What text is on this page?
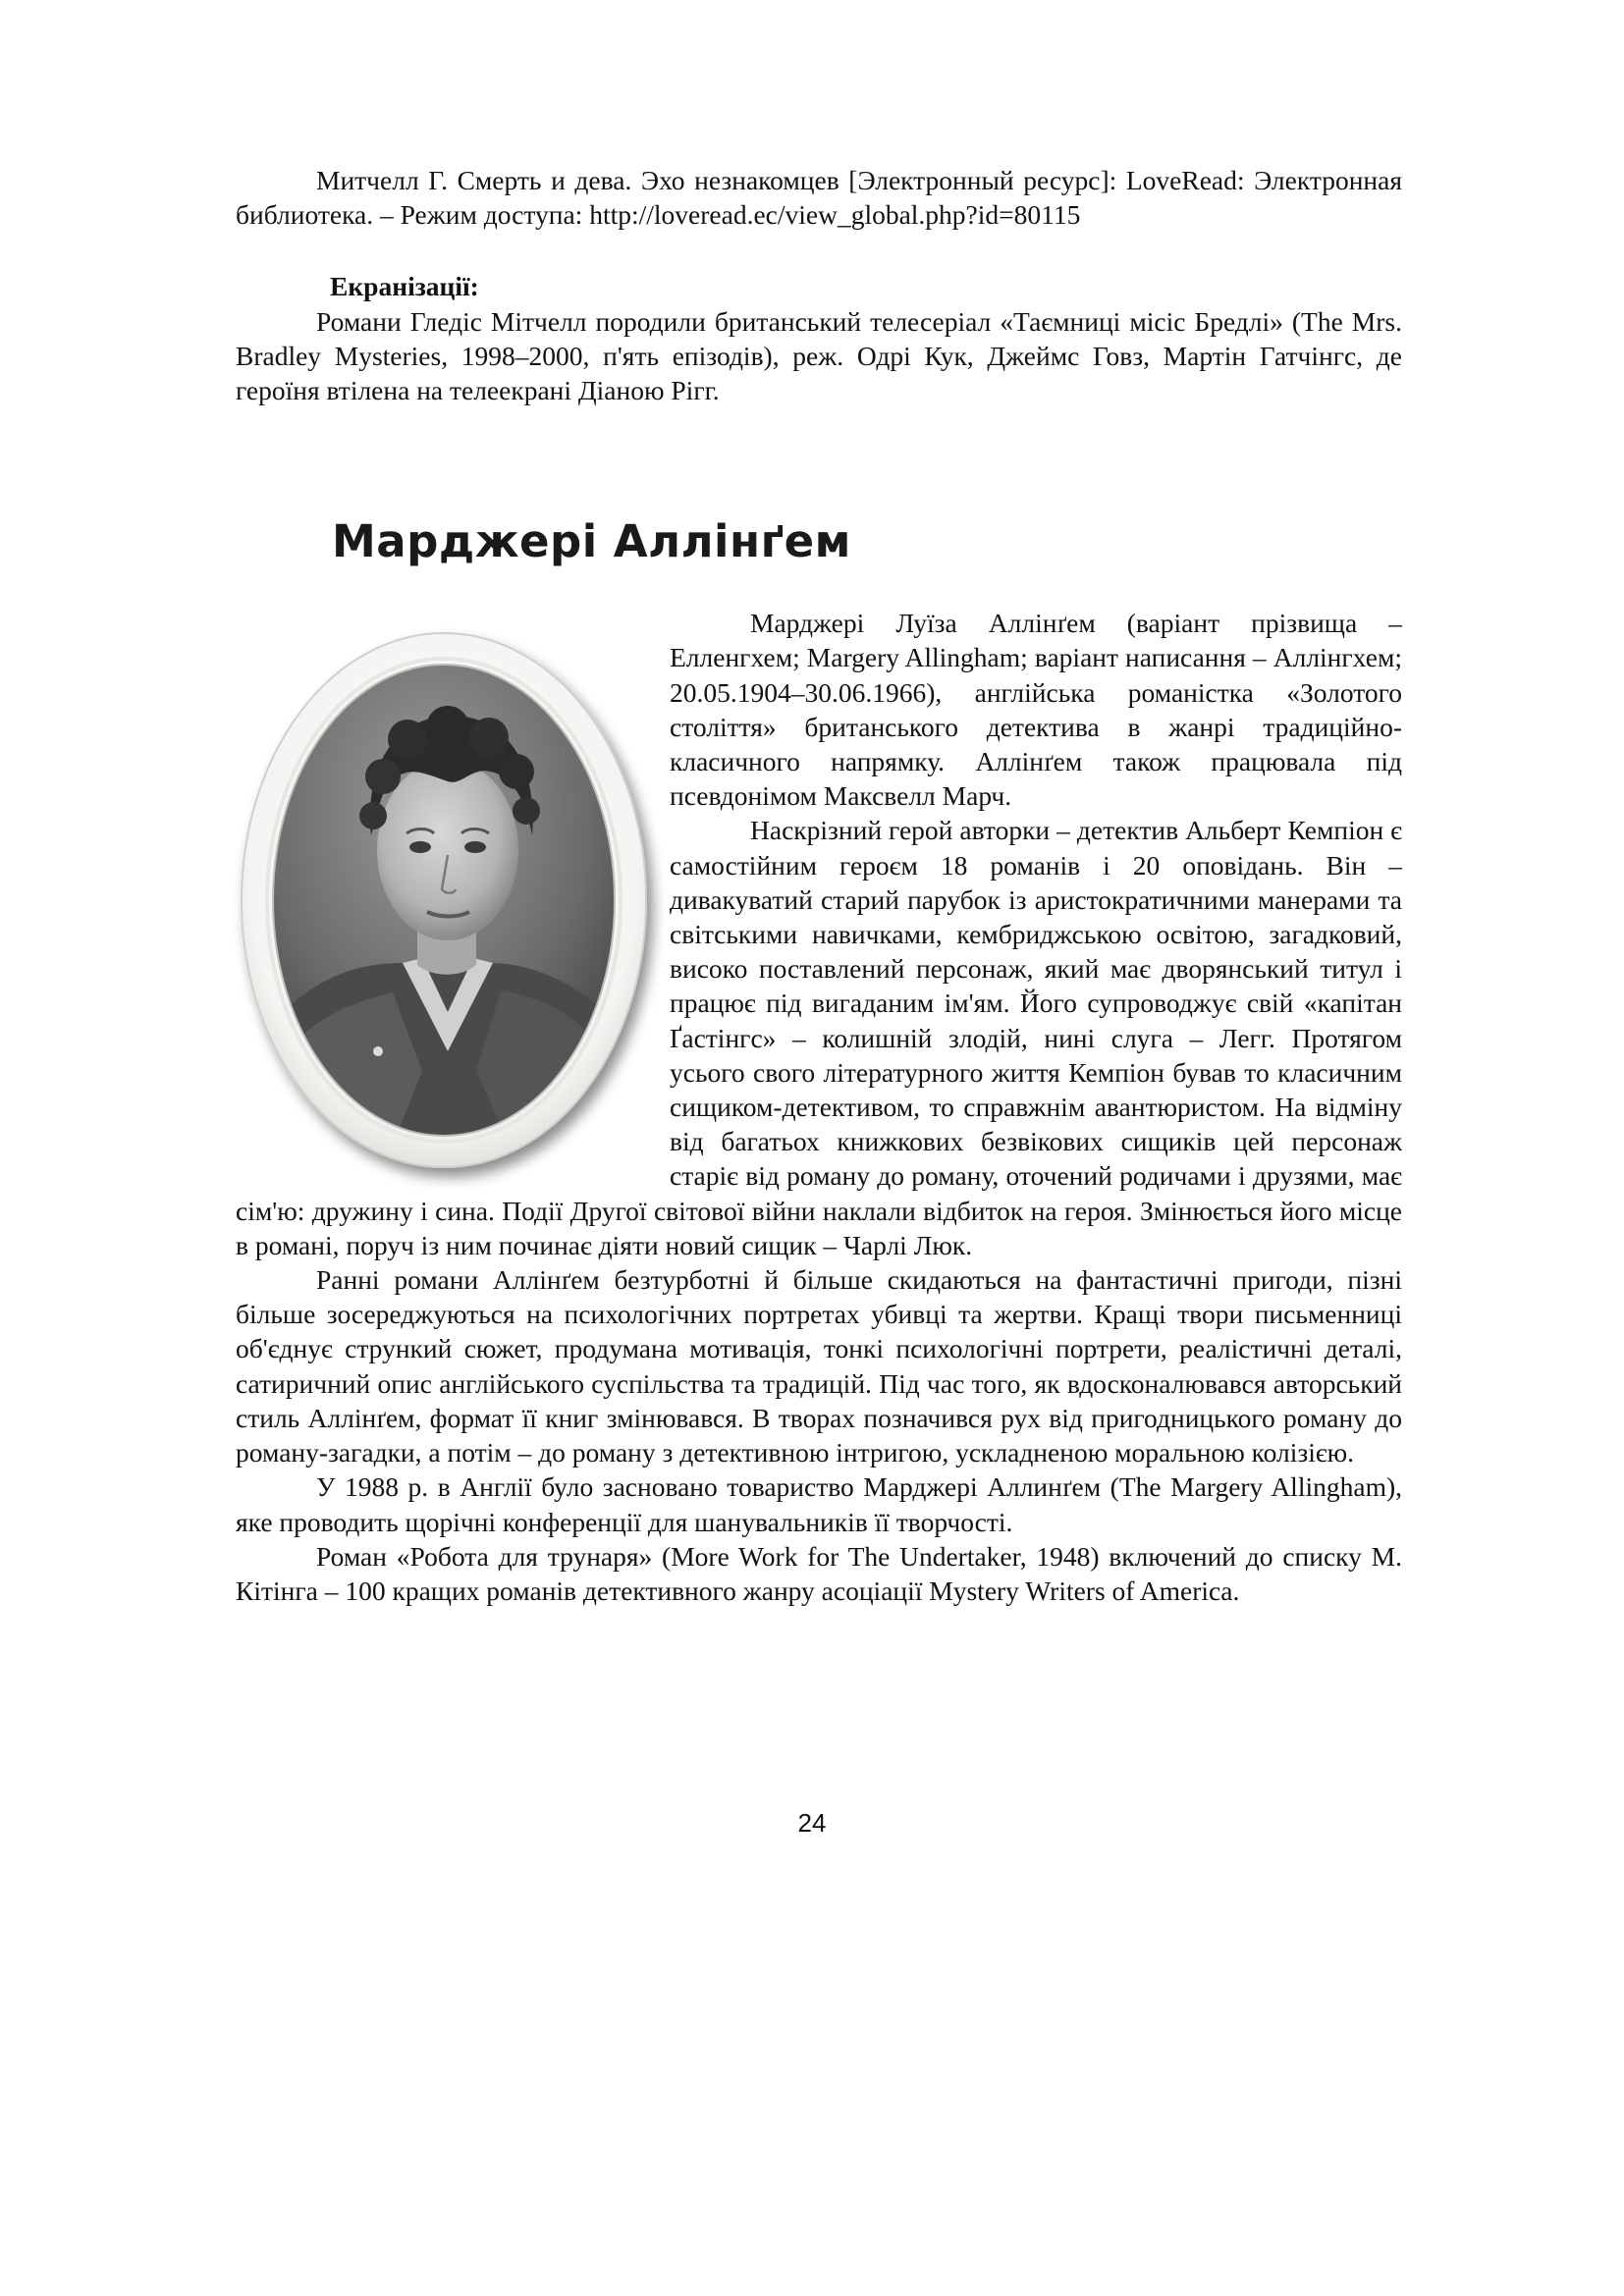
Митчелл Г. Смерть и дева. Эхо незнакомцев [Электронный ресурс]: LoveRead: Электронная библиотека. – Режим доступа: http://loveread.ec/view_global.php?id=80115

Екранізації:

Романи Гледіс Мітчелл породили британський телесеріал «Таємниці місіс Бредлі» (The Mrs. Bradley Mysteries, 1998–2000, п'ять епізодів), реж. Одрі Кук, Джеймс Говз, Мартін Гатчінгс, де героїня втілена на телеекрані Діаною Рігг.

Марджері Аллінґем

Марджері Луїза Аллінґем (варіант прізвища – Елленгхем; Margery Allingham; варіант написання – Аллінгхем; 20.05.1904–30.06.1966), англійська романістка «Золотого століття» британського детектива в жанрі традиційно-класичного напрямку. Аллінґем також працювала під псевдонімом Максвелл Марч.

Наскрізний герой авторки – детектив Альберт Кемпіон є самостійним героєм 18 романів і 20 оповідань. Він – дивакуватий старий парубок із аристократичними манерами та світськими навичками, кембриджською освітою, загадковий, високо поставлений персонаж, який має дворянський титул і працює під вигаданим ім'ям. Його супроводжує свій «капітан Ґастінгс» – колишній злодій, нині слуга – Легг. Протягом усього свого літературного життя Кемпіон бував то класичним сищиком-детективом, то справжнім авантюристом. На відміну від багатьох книжкових безвікових сищиків цей персонаж старіє від роману до роману, оточений родичами і друзями, має сім'ю: дружину і сина. Події Другої світової війни наклали відбиток на героя. Змінюється його місце в романі, поруч із ним починає діяти новий сищик – Чарлі Люк.

Ранні романи Аллінґем безтурботні й більше скидаються на фантастичні пригоди, пізні більше зосереджуються на психологічних портретах убивці та жертви. Кращі твори письменниці об'єднує стрункий сюжет, продумана мотивація, тонкі психологічні портрети, реалістичні деталі, сатиричний опис англійського суспільства та традицій. Під час того, як вдосконалювався авторський стиль Аллінґем, формат її книг змінювався. В творах позначився рух від пригодницького роману до роману-загадки, а потім – до роману з детективною інтригою, ускладненою моральною колізією.

У 1988 р. в Англії було засновано товариство Марджері Аллинґем (The Margery Allingham), яке проводить щорічні конференції для шанувальників її творчості.

Роман «Робота для трунаря» (More Work for The Undertaker, 1948) включений до списку М. Кітінга – 100 кращих романів детективного жанру асоціації Mystery Writers of America.

24
